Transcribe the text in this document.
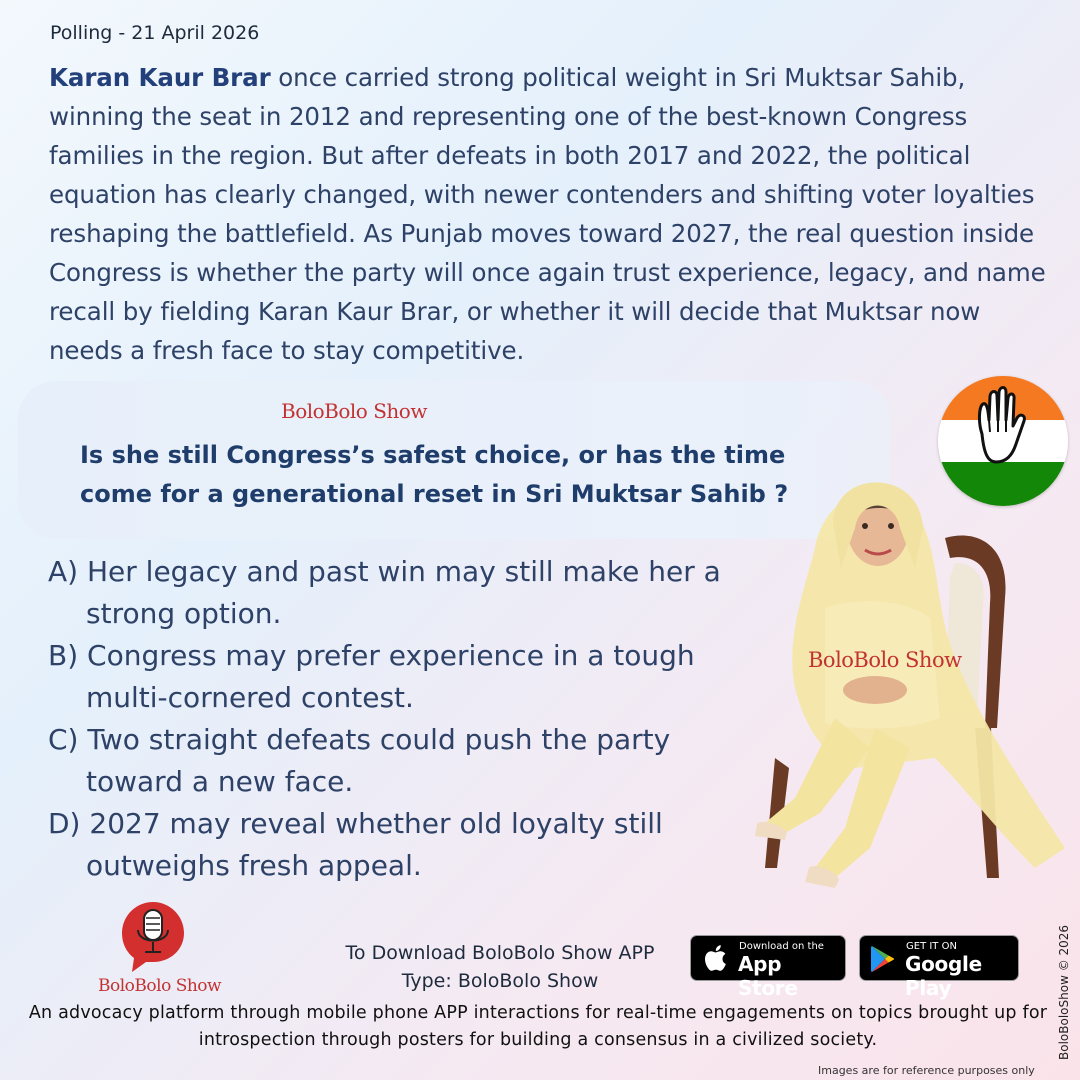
Polling - 21 April 2026

Karan Kaur Brar once carried strong political weight in Sri Muktsar Sahib, winning the seat in 2012 and representing one of the best-known Congress families in the region. But after defeats in both 2017 and 2022, the political equation has clearly changed, with newer contenders and shifting voter loyalties reshaping the battlefield. As Punjab moves toward 2027, the real question inside Congress is whether the party will once again trust experience, legacy, and name recall by fielding Karan Kaur Brar, or whether it will decide that Muktsar now needs a fresh face to stay competitive.

BoloBolo Show

Is she still Congress’s safest choice, or has the time come for a generational reset in Sri Muktsar Sahib ?

A) Her legacy and past win may still make her a strong option.
B) Congress may prefer experience in a tough multi-cornered contest.
C) Two straight defeats could push the party toward a new face.
D) 2027 may reveal whether old loyalty still outweighs fresh appeal.
BoloBolo Show
BoloBolo Show
To Download BoloBolo Show APP
Type: BoloBolo Show
Download on the
App Store
GET IT ON
Google Play
An advocacy platform through mobile phone APP interactions for real-time engagements on topics brought up for introspection through posters for building a consensus in a civilized society.	BoloBoloShow © 2026
Images are for reference purposes only
